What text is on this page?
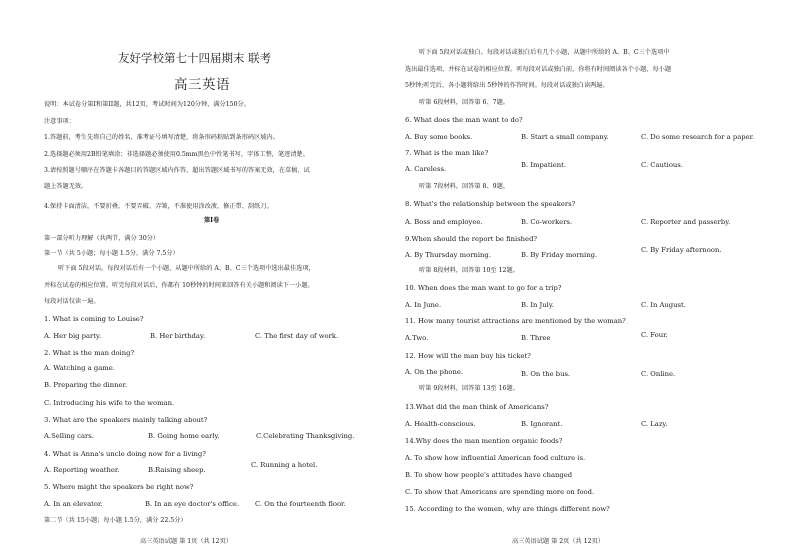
友好学校第七十四届期末 联考
高三英语
说明：本试卷分第I和第II题，共12页，考试时间为120分钟，满分150分。
注意事项：
1.答题前，考生先将自己的姓名、准考证号填写清楚，将条形码粘贴到条形码区域内。
2.选择题必须用2B铅笔填涂；非选择题必须使用0.5mm黑色中性笔书写，字体工整，笔迹清楚。
3.请按照题号顺序在答题卡各题目的答题区域内作答，超出答题区域书写的答案无效，在草稿、试
题上答题无效。
4.保持卡面清洁，不要折叠，不要弄破、弄皱，不准使用涂改液、修正带、刮纸刀。
第I卷
第一部分听力理解（共两节，满分 30分）
第一节（共 5小题；每小题 1.5分，满分 7.5分）
听下面 5段对话。每段对话后有一个小题，从题中所给的 A、B、C三个选项中选出最佳选项，
并标在试卷的相应位置。听完每段对话后，你都有 10秒钟的时间来回答有关小题和阅读下一小题。
每段对话仅读一遍。
1. What is coming to Louise?
A. Her big party.	B. Her birthday.	C. The first day of work.
2. What is the man doing?
A. Watching a game.
B. Preparing the dinner.
C. Introducing his wife to the woman.
3. What are the speakers mainly talking about?
A.Selling cars.	B. Going home early.	C.Celebrating Thanksgiving.
4. What is Anna's uncle doing now for a living?
A. Reporting weather.	B.Raising sheep.
C. Running a hotel.
5. Where might the speakers be right now?
A. In an elevator.	B. In an eye doctor's office. C. On the fourteenth floor.
第二节（共 15小题；每小题 1.5分，满分 22.5分）
高三英语试题 第 1页（共 12页）
听下面 5段对话或独白。每段对话或独白后有几个小题，从题中所给的 A、B、C三个选项中
选出最佳选项，并标在试卷的相应位置。听每段对话或独白前，你将有时间阅读各个小题，每小题
5秒钟;听完后，各小题将给出 5秒钟的作答时间。每段对话或独白读两遍。
听第 6段材料，回答第 6、7题。
6. What does the man want to do?
A. Buy some books.	B. Start a small company.	C. Do some research for a paper.
7. What is the man like?
A. Careless.	B. Impatient.	C. Cautious.
听第 7段材料，回答第 8、9题。
8. What's the relationship between the speakers?
A. Boss and employee.	B. Co-workers.	C. Reporter and passerby.
9.When should the report be finished?
A. By Thursday morning.	B. By Friday morning.
C. By Friday afternoon.
听第 8段材料，回答第 10至 12题。
10. When does the man want to go for a trip?
A. In June.	B. In July.	C. In August.
11. How many tourist attractions are mentioned by the woman?
A.Two.	B. Three	C. Four.
12. How will the man buy his ticket?
A. On the phone.	B. On the bus.	C. Online.
听第 9段材料，回答第 13至 16题。
13.What did the man think of Americans?
A. Health-conscious.	B. Ignorant.	C. Lazy.
14.Why does the man mention organic foods?
A. To show how influential American food culture is.
B. To show how people's attitudes have changed
C. To show that Americans are spending more on food.
15. According to the women, why are things different now?
高三英语试题 第 2页（共 12页）
